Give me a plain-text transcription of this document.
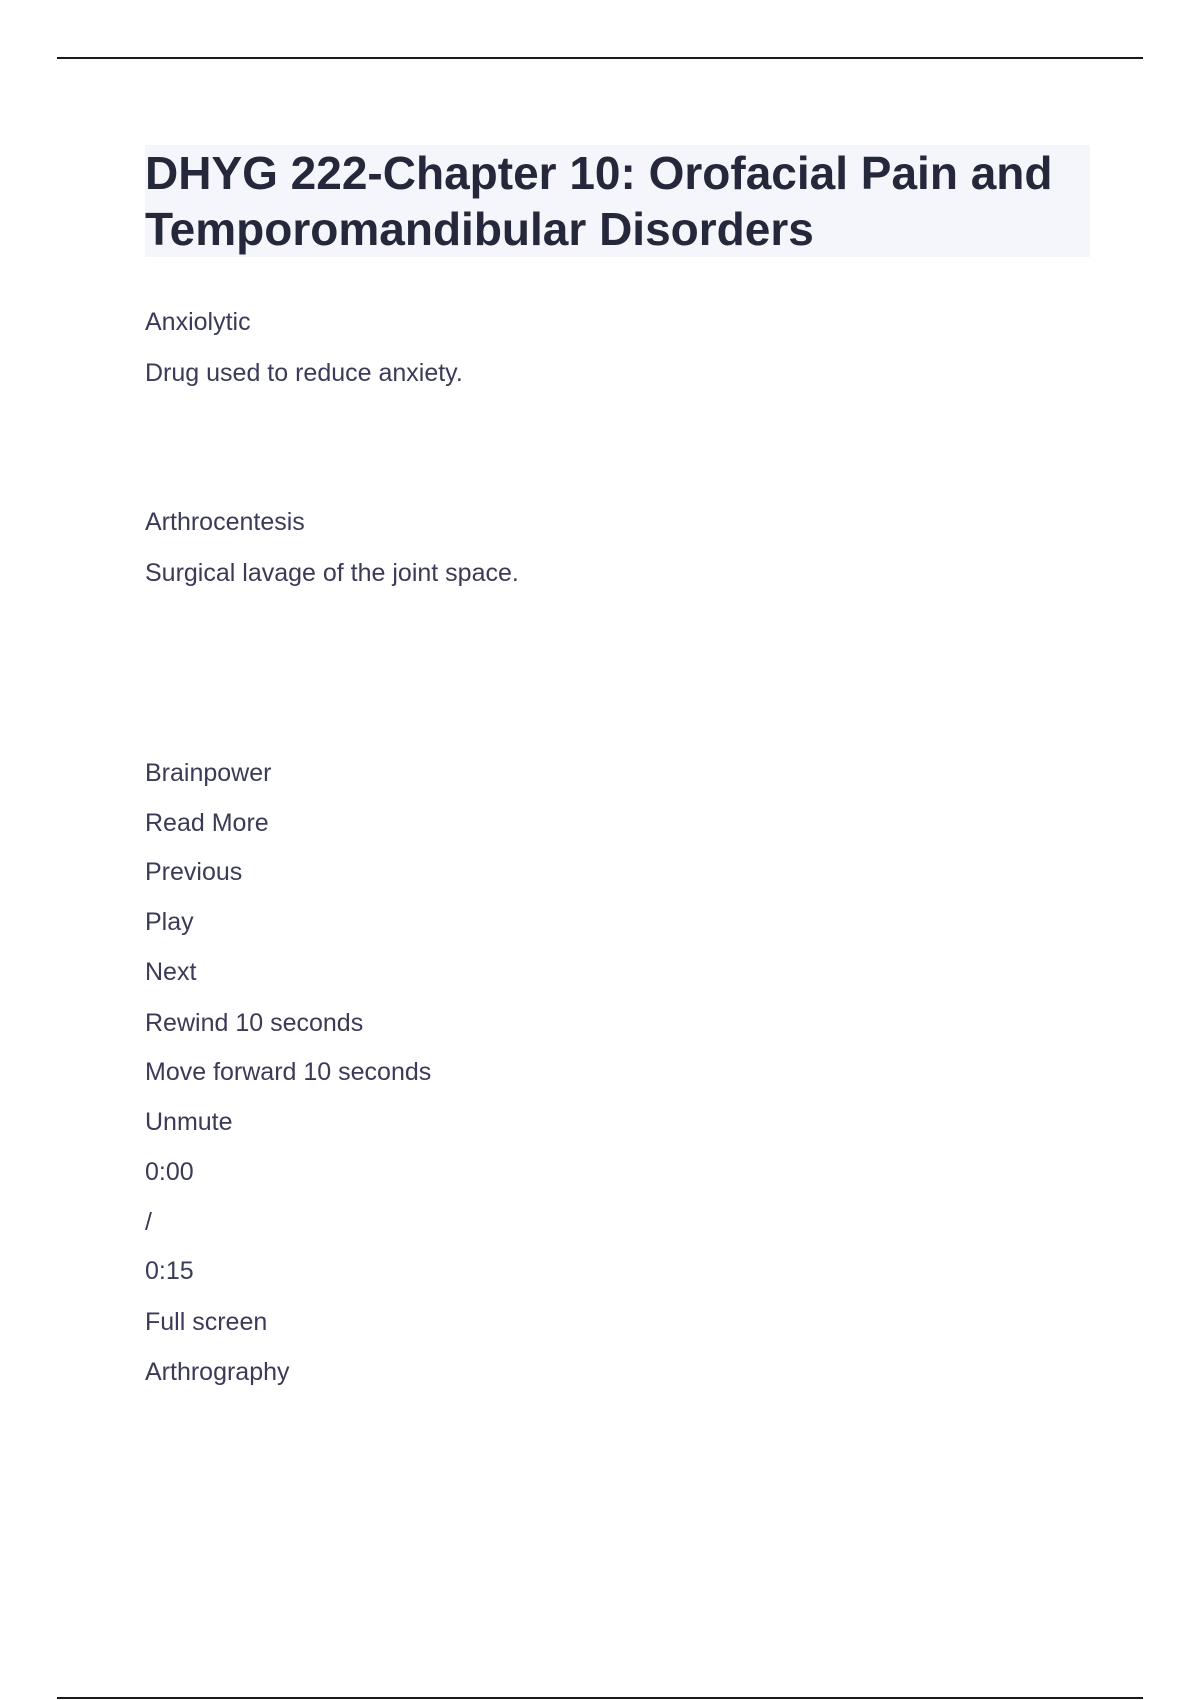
DHYG 222-Chapter 10: Orofacial Pain and Temporomandibular Disorders

Anxiolytic

Drug used to reduce anxiety.

Arthrocentesis

Surgical lavage of the joint space.

Brainpower

Read More

Previous

Play

Next

Rewind 10 seconds

Move forward 10 seconds

Unmute

0:00

/

0:15

Full screen

Arthrography
